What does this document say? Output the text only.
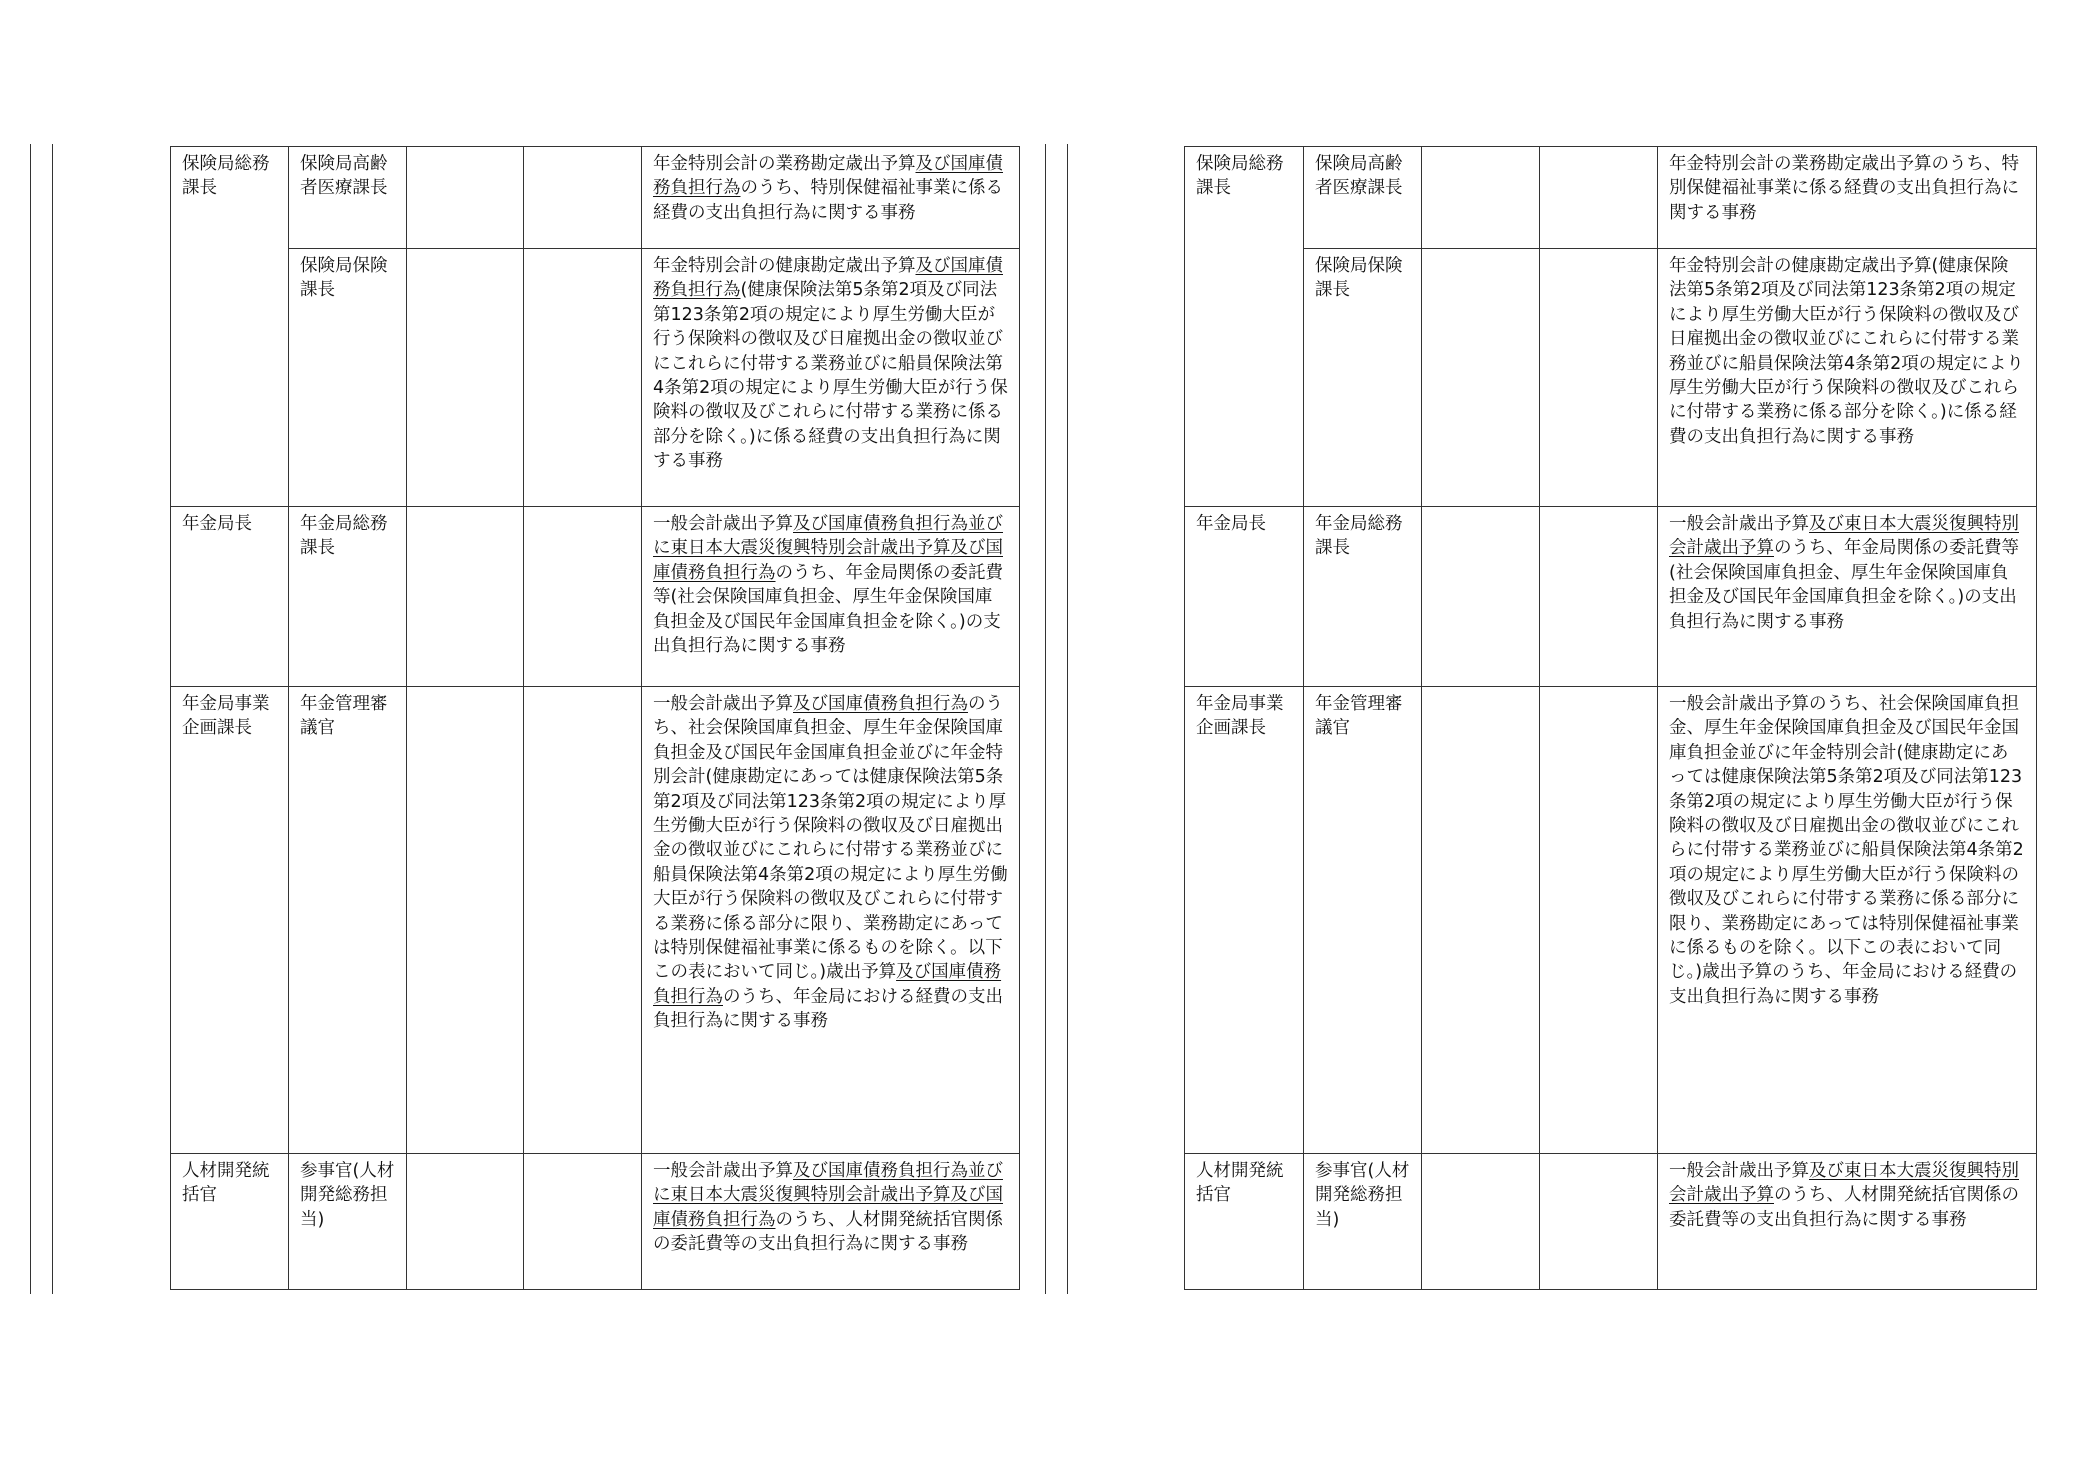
保険局総務課長	保険局高齢者医療課長			年金特別会計の業務勘定歳出予算及び国庫債務負担行為のうち、特別保健福祉事業に係る経費の支出負担行為に関する事務
	保険局保険課長			年金特別会計の健康勘定歳出予算及び国庫債務負担行為(健康保険法第5条第2項及び同法第123条第2項の規定により厚生労働大臣が行う保険料の徴収及び日雇拠出金の徴収並びにこれらに付帯する業務並びに船員保険法第4条第2項の規定により厚生労働大臣が行う保険料の徴収及びこれらに付帯する業務に係る部分を除く。)に係る経費の支出負担行為に関する事務
年金局長	年金局総務課長			一般会計歳出予算及び国庫債務負担行為並びに東日本大震災復興特別会計歳出予算及び国庫債務負担行為のうち、年金局関係の委託費等(社会保険国庫負担金、厚生年金保険国庫負担金及び国民年金国庫負担金を除く。)の支出負担行為に関する事務
年金局事業企画課長	年金管理審議官			一般会計歳出予算及び国庫債務負担行為のうち、社会保険国庫負担金、厚生年金保険国庫負担金及び国民年金国庫負担金並びに年金特別会計(健康勘定にあっては健康保険法第5条第2項及び同法第123条第2項の規定により厚生労働大臣が行う保険料の徴収及び日雇拠出金の徴収並びにこれらに付帯する業務並びに船員保険法第4条第2項の規定により厚生労働大臣が行う保険料の徴収及びこれらに付帯する業務に係る部分に限り、業務勘定にあっては特別保健福祉事業に係るものを除く。以下この表において同じ。)歳出予算及び国庫債務負担行為のうち、年金局における経費の支出負担行為に関する事務
人材開発統括官	参事官(人材開発総務担当)			一般会計歳出予算及び国庫債務負担行為並びに東日本大震災復興特別会計歳出予算及び国庫債務負担行為のうち、人材開発統括官関係の委託費等の支出負担行為に関する事務
保険局総務課長	保険局高齢者医療課長			年金特別会計の業務勘定歳出予算のうち、特別保健福祉事業に係る経費の支出負担行為に関する事務
	保険局保険課長			年金特別会計の健康勘定歳出予算(健康保険法第5条第2項及び同法第123条第2項の規定により厚生労働大臣が行う保険料の徴収及び日雇拠出金の徴収並びにこれらに付帯する業務並びに船員保険法第4条第2項の規定により厚生労働大臣が行う保険料の徴収及びこれらに付帯する業務に係る部分を除く。)に係る経費の支出負担行為に関する事務
年金局長	年金局総務課長			一般会計歳出予算及び東日本大震災復興特別会計歳出予算のうち、年金局関係の委託費等(社会保険国庫負担金、厚生年金保険国庫負担金及び国民年金国庫負担金を除く。)の支出負担行為に関する事務
年金局事業企画課長	年金管理審議官			一般会計歳出予算のうち、社会保険国庫負担金、厚生年金保険国庫負担金及び国民年金国庫負担金並びに年金特別会計(健康勘定にあっては健康保険法第5条第2項及び同法第123条第2項の規定により厚生労働大臣が行う保険料の徴収及び日雇拠出金の徴収並びにこれらに付帯する業務並びに船員保険法第4条第2項の規定により厚生労働大臣が行う保険料の徴収及びこれらに付帯する業務に係る部分に限り、業務勘定にあっては特別保健福祉事業に係るものを除く。以下この表において同じ。)歳出予算のうち、年金局における経費の支出負担行為に関する事務
人材開発統括官	参事官(人材開発総務担当)			一般会計歳出予算及び東日本大震災復興特別会計歳出予算のうち、人材開発統括官関係の委託費等の支出負担行為に関する事務
